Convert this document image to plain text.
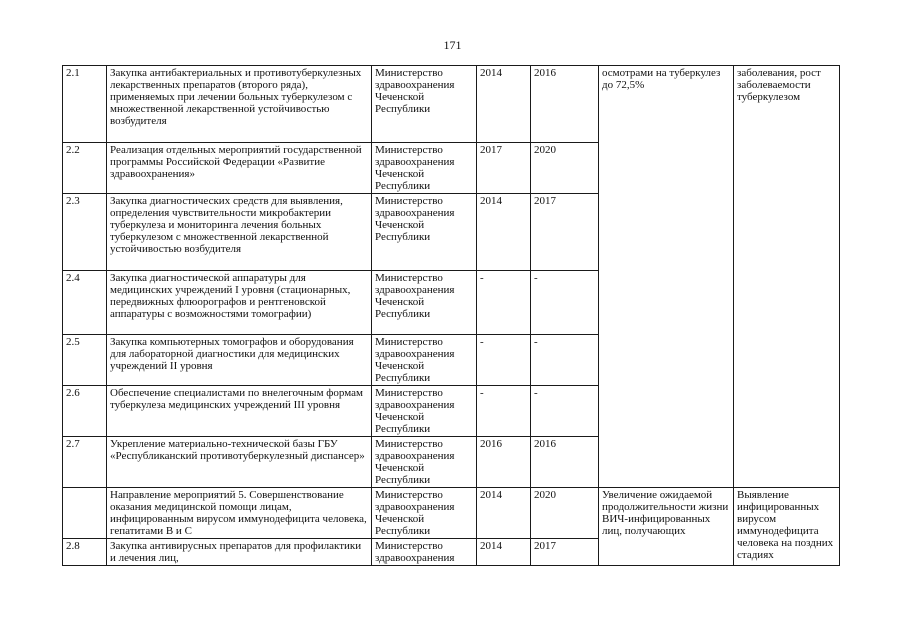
171
2.1	Закупка антибактериальных и противотуберкулезных лекарственных препаратов (второго ряда), применяемых при лечении больных туберкулезом с множественной лекарственной устойчивостью возбудителя	Министерство здравоохранения Чеченской Республики	2014	2016	осмотрами на туберкулез до 72,5%	заболевания, рост заболеваемости туберкулезом
2.2	Реализация отдельных мероприятий государственной программы Российской Федерации «Развитие здравоохранения»	Министерство здравоохранения Чеченской Республики	2017	2020		
2.3	Закупка диагностических средств для выявления, определения чувствительности микробактерии туберкулеза и мониторинга лечения больных туберкулезом с множественной лекарственной устойчивостью возбудителя	Министерство здравоохранения Чеченской Республики	2014	2017		
2.4	Закупка диагностической аппаратуры для медицинских учреждений I уровня (стационарных, передвижных флюорографов и рентгеновской аппаратуры с возможностями томографии)	Министерство здравоохранения Чеченской Республики	-	-		
2.5	Закупка компьютерных томографов и оборудования для лабораторной диагностики для медицинских учреждений II уровня	Министерство здравоохранения Чеченской Республики	-	-		
2.6	Обеспечение специалистами по внелегочным формам туберкулеза медицинских учреждений III уровня	Министерство здравоохранения Чеченской Республики	-	-		
2.7	Укрепление материально-технической базы ГБУ «Республиканский противотуберкулезный диспансер»	Министерство здравоохранения Чеченской Республики	2016	2016		
	Направление мероприятий 5. Совершенствование оказания медицинской помощи лицам, инфицированным вирусом иммунодефицита человека, гепатитами В и С	Министерство здравоохранения Чеченской Республики	2014	2020	Увеличение ожидаемой продолжительности жизни ВИЧ-инфицированных лиц, получающих	Выявление инфицированных вирусом иммунодефицита человека на поздних стадиях
2.8	Закупка антивирусных препаратов для профилактики и лечения лиц,	Министерство здравоохранения	2014	2017		
